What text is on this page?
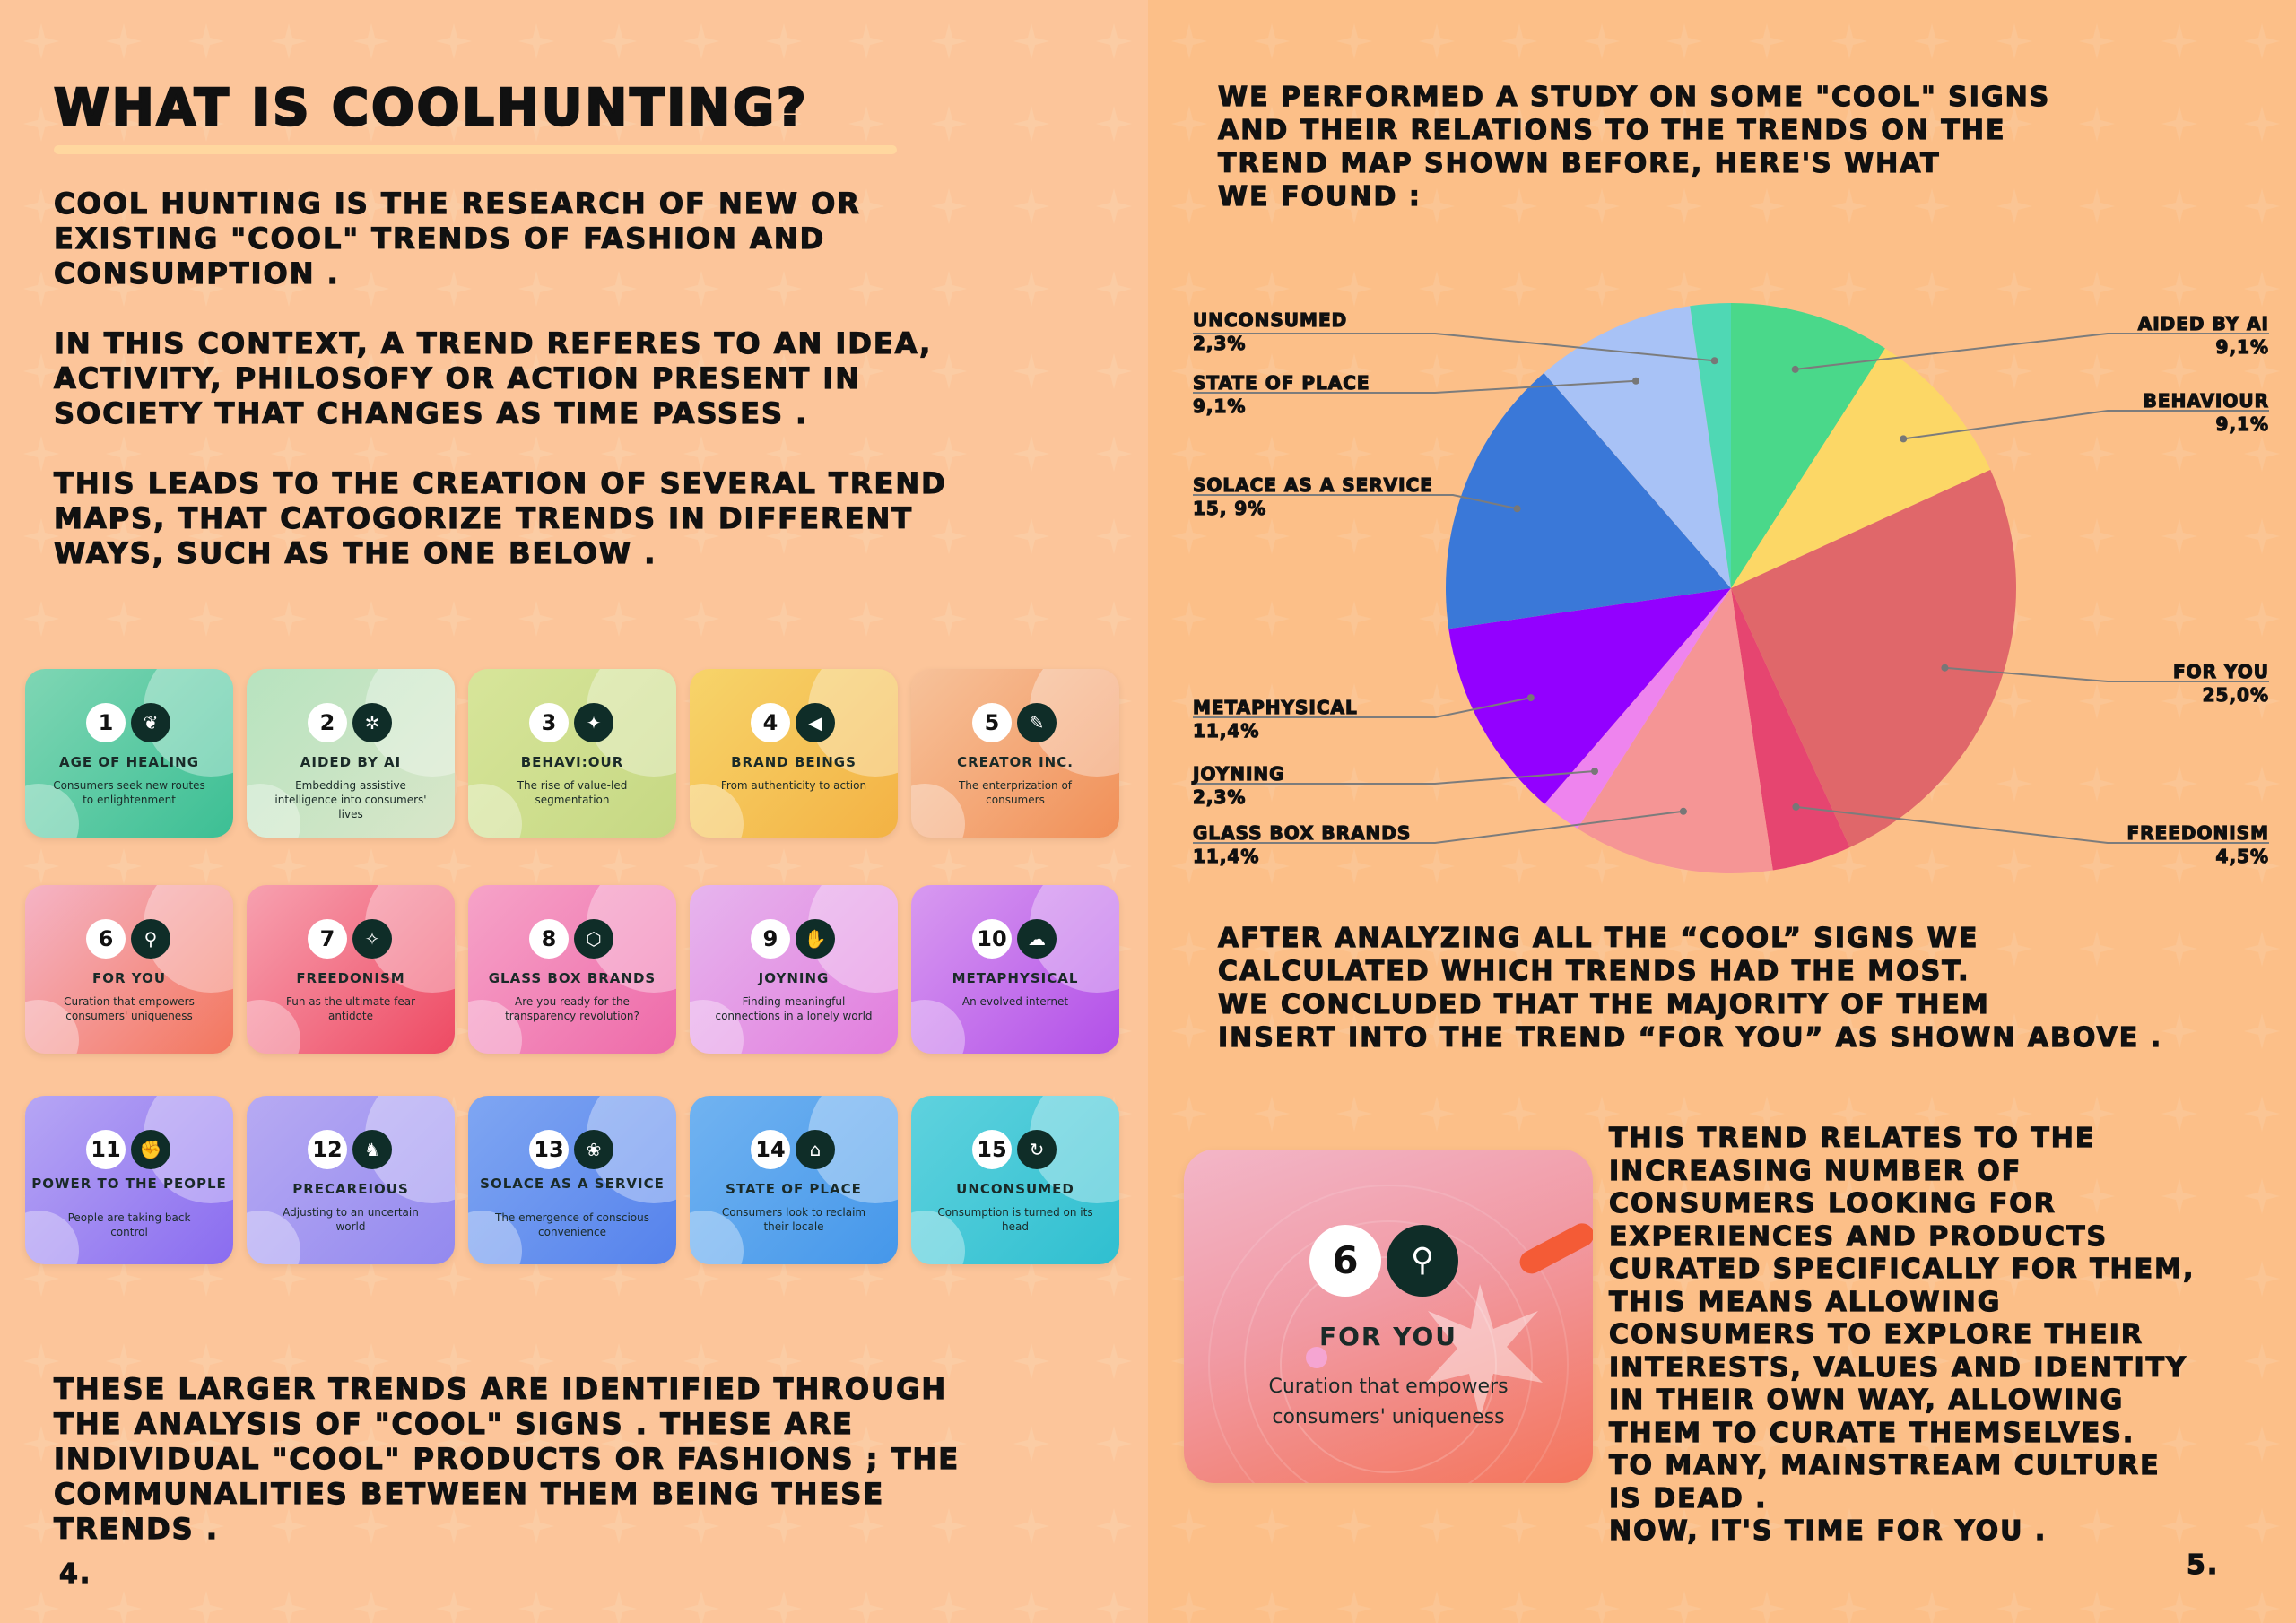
WHAT IS COOLHUNTING?
COOL HUNTING IS THE RESEARCH OF NEW OR
EXISTING "COOL" TRENDS OF FASHION AND
CONSUMPTION .
IN THIS CONTEXT, A TREND REFERES TO AN IDEA,
ACTIVITY, PHILOSOFY OR ACTION PRESENT IN
SOCIETY THAT CHANGES AS TIME PASSES .
THIS LEADS TO THE CREATION OF SEVERAL TREND
MAPS, THAT CATOGORIZE TRENDS IN DIFFERENT
WAYS, SUCH AS THE ONE BELOW .
1	❦
AGE OF HEALING
Consumers seek new routes to enlightenment
2	✲
AIDED BY AI
Embedding assistive intelligence into consumers' lives
3	✦
BEHAVI:OUR
The rise of value-led segmentation
4	◀
BRAND BEINGS
From authenticity to action
5	✎
CREATOR INC.
The enterprization of consumers
6	⚲
FOR YOU
Curation that empowers consumers' uniqueness
7	✧
FREEDONISM
Fun as the ultimate fear antidote
8	⬡
GLASS BOX BRANDS
Are you ready for the transparency revolution?
9	✋
JOYNING
Finding meaningful connections in a lonely world
10	☁
METAPHYSICAL
An evolved internet
11	✊
POWER TO THE PEOPLE
People are taking back control
12	♞
PRECAREIOUS
Adjusting to an uncertain world
13	❀
SOLACE AS A SERVICE
The emergence of conscious convenience
14	⌂
STATE OF PLACE
Consumers look to reclaim their locale
15	↻
UNCONSUMED
Consumption is turned on its head
THESE LARGER TRENDS ARE IDENTIFIED THROUGH
THE ANALYSIS OF "COOL" SIGNS . THESE ARE
INDIVIDUAL "COOL" PRODUCTS OR FASHIONS ; THE
COMMUNALITIES BETWEEN THEM BEING THESE
TRENDS .
4.
WE PERFORMED A STUDY ON SOME "COOL" SIGNS
AND THEIR RELATIONS TO THE TRENDS ON THE
TREND MAP SHOWN BEFORE, HERE'S WHAT
WE FOUND :
UNCONSUMED
2,3%
AIDED BY AI
9,1%
BEHAVIOUR
9,1%
FOR YOU
25,0%
FREEDONISM
4,5%
GLASS BOX BRANDS
11,4%
JOYNING
2,3%
METAPHYSICAL
11,4%
SOLACE AS A SERVICE
15, 9%
STATE OF PLACE
9,1%
AFTER ANALYZING ALL THE “COOL” SIGNS WE
CALCULATED WHICH TRENDS HAD THE MOST.
WE CONCLUDED THAT THE MAJORITY OF THEM
INSERT INTO THE TREND “FOR YOU” AS SHOWN ABOVE .
6	⚲
FOR YOU
Curation that empowers consumers' uniqueness
THIS TREND RELATES TO THE
INCREASING NUMBER OF
CONSUMERS LOOKING FOR
EXPERIENCES AND PRODUCTS
CURATED SPECIFICALLY FOR THEM,
THIS MEANS ALLOWING
CONSUMERS TO EXPLORE THEIR
INTERESTS, VALUES AND IDENTITY
IN THEIR OWN WAY, ALLOWING
THEM TO CURATE THEMSELVES.
TO MANY, MAINSTREAM CULTURE
IS DEAD .
NOW, IT'S TIME FOR YOU .
5.
